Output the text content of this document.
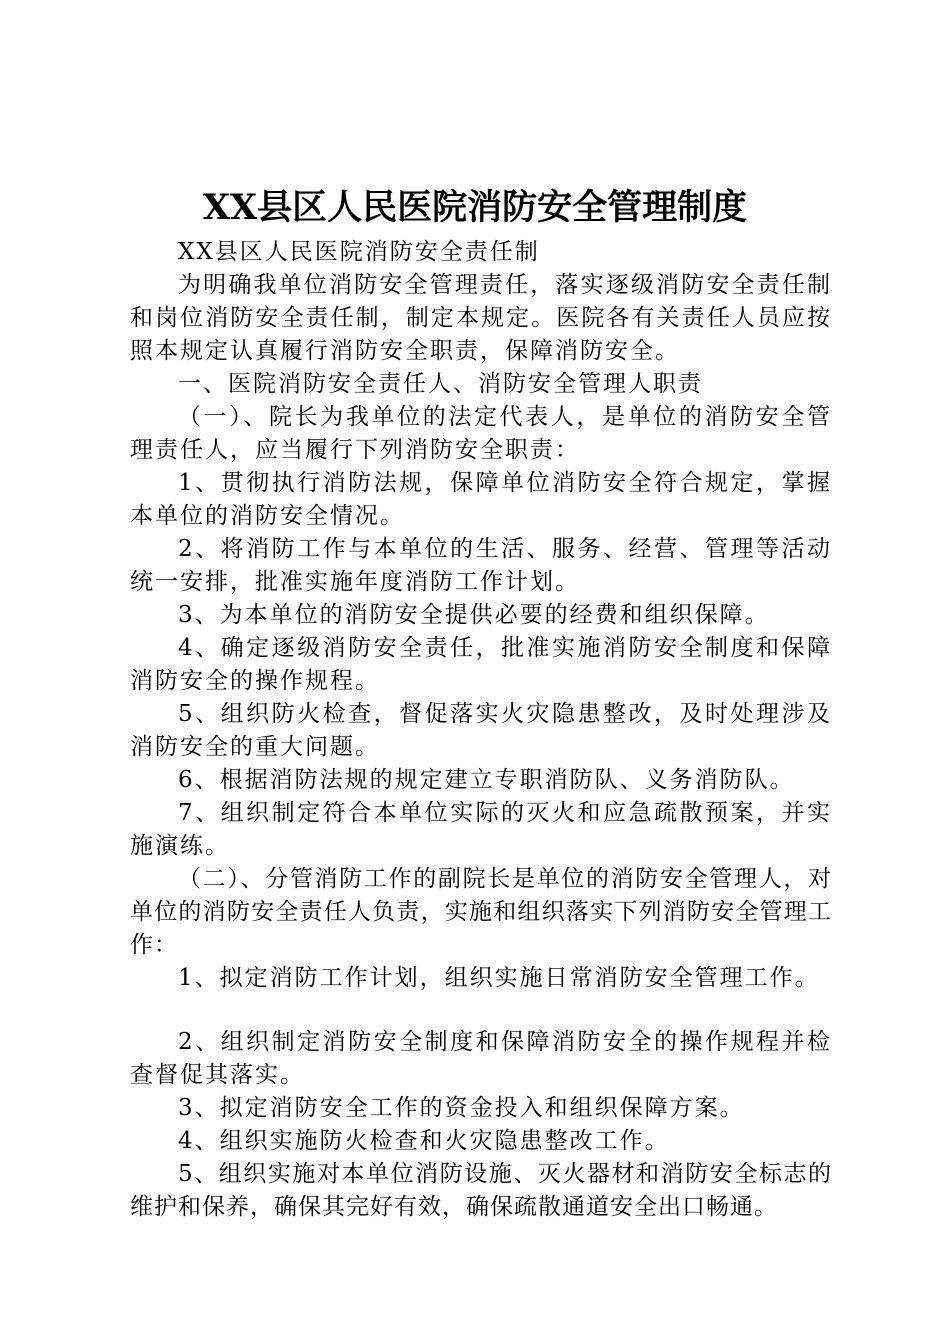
XX县区人民医院消防安全管理制度

XX县区人民医院消防安全责任制

为明确我单位消防安全管理责任，落实逐级消防安全责任制和岗位消防安全责任制，制定本规定。医院各有关责任人员应按照本规定认真履行消防安全职责，保障消防安全。

一、医院消防安全责任人、消防安全管理人职责

（一）、院长为我单位的法定代表人，是单位的消防安全管理责任人，应当履行下列消防安全职责：

1、贯彻执行消防法规，保障单位消防安全符合规定，掌握本单位的消防安全情况。

2、将消防工作与本单位的生活、服务、经营、管理等活动统一安排，批准实施年度消防工作计划。

3、为本单位的消防安全提供必要的经费和组织保障。

4、确定逐级消防安全责任，批准实施消防安全制度和保障消防安全的操作规程。

5、组织防火检查，督促落实火灾隐患整改，及时处理涉及消防安全的重大问题。

6、根据消防法规的规定建立专职消防队、义务消防队。

7、组织制定符合本单位实际的灭火和应急疏散预案，并实施演练。

（二）、分管消防工作的副院长是单位的消防安全管理人，对单位的消防安全责任人负责，实施和组织落实下列消防安全管理工作：

1、拟定消防工作计划，组织实施日常消防安全管理工作。

2、组织制定消防安全制度和保障消防安全的操作规程并检查督促其落实。

3、拟定消防安全工作的资金投入和组织保障方案。

4、组织实施防火检查和火灾隐患整改工作。

5、组织实施对本单位消防设施、灭火器材和消防安全标志的维护和保养，确保其完好有效，确保疏散通道安全出口畅通。
